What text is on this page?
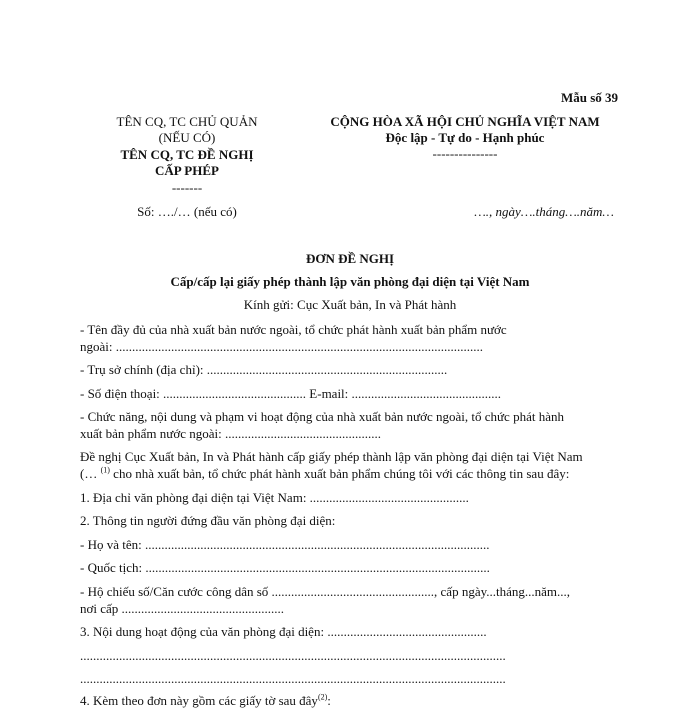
Mẫu số 39
TÊN CQ, TC CHỦ QUẢN
(NẾU CÓ)
TÊN CQ, TC ĐỀ NGHỊ
CẤP PHÉP
-------
Số: …./… (nếu có)
CỘNG HÒA XÃ HỘI CHỦ NGHĨA VIỆT NAM
Độc lập - Tự do - Hạnh phúc
---------------
…., ngày….tháng….năm…
ĐƠN ĐỀ NGHỊ
Cấp/cấp lại giấy phép thành lập văn phòng đại diện tại Việt Nam
Kính gửi: Cục Xuất bản, In và Phát hành
- Tên đầy đủ của nhà xuất bản nước ngoài, tổ chức phát hành xuất bản phẩm nước
ngoài: .................................................................................................................
- Trụ sở chính (địa chỉ): ..........................................................................
- Số điện thoại: ............................................ E-mail: ..............................................
- Chức năng, nội dung và phạm vi hoạt động của nhà xuất bản nước ngoài, tổ chức phát hành
xuất bản phẩm nước ngoài: ................................................
Đề nghị Cục Xuất bản, In và Phát hành cấp giấy phép thành lập văn phòng đại diện tại Việt Nam
(… $^{(1)}$ cho nhà xuất bản, tổ chức phát hành xuất bản phẩm chúng tôi với các thông tin sau đây:
1. Địa chỉ văn phòng đại diện tại Việt Nam: .................................................
2. Thông tin người đứng đầu văn phòng đại diện:
- Họ và tên: ..........................................................................................................
- Quốc tịch: ..........................................................................................................
- Hộ chiếu số/Căn cước công dân số .................................................., cấp ngày...tháng...năm...,
nơi cấp ..................................................
3. Nội dung hoạt động của văn phòng đại diện: .................................................
...................................................................................................................................
...................................................................................................................................
4. Kèm theo đơn này gồm các giấy tờ sau đây$^{(2)}$:
